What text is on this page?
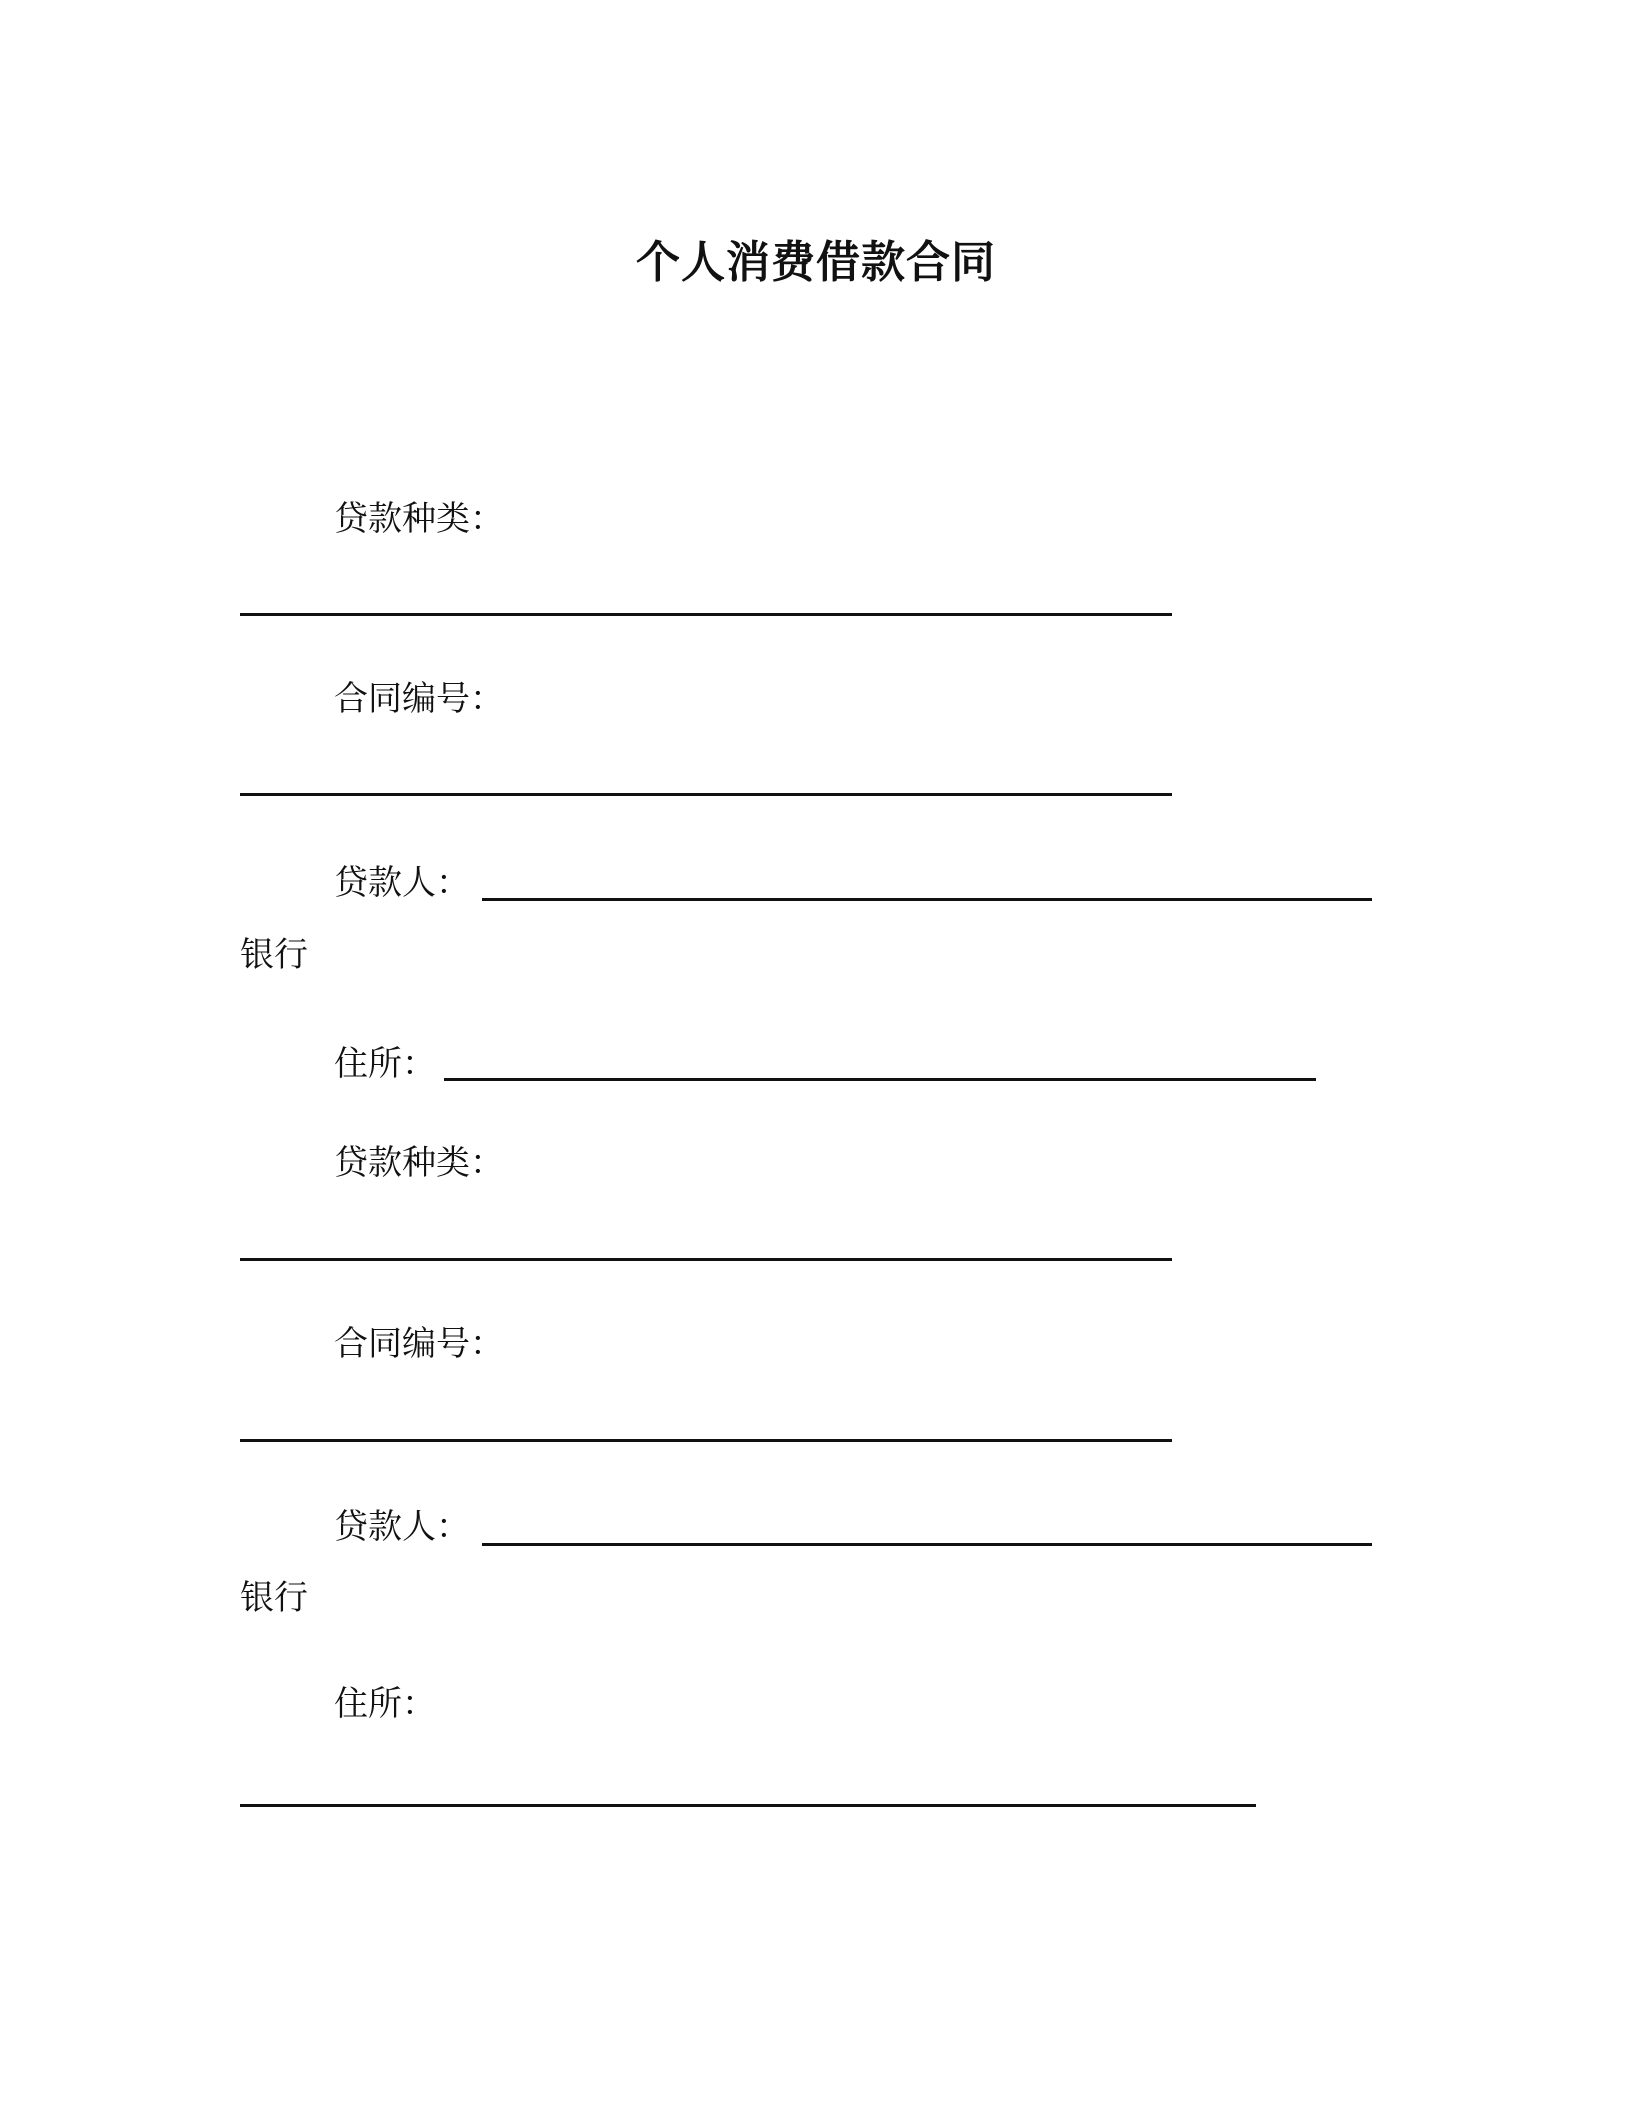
个人消费借款合同
贷款种类：
合同编号：
贷款人：
银行
住所：
贷款种类：
合同编号：
贷款人：
银行
住所：
